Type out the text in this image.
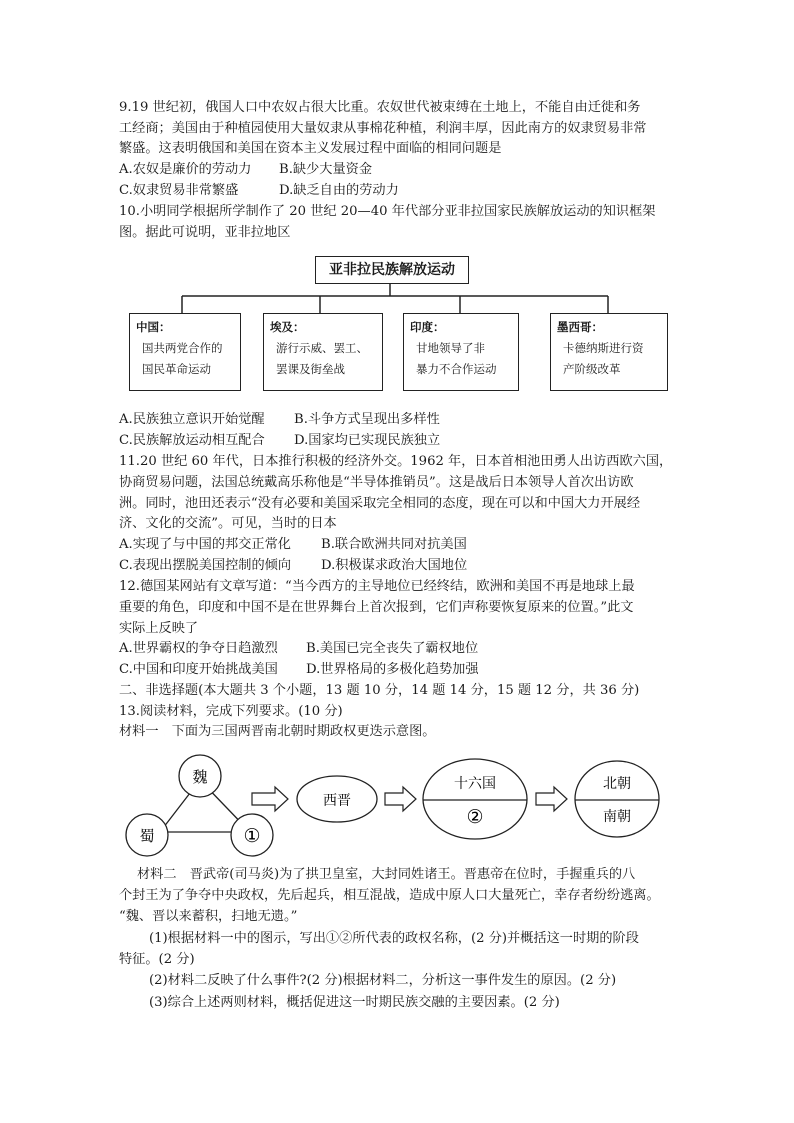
9.19 世纪初，俄国人口中农奴占很大比重。农奴世代被束缚在土地上，不能自由迁徙和务
工经商；美国由于种植园使用大量奴隶从事棉花种植，利润丰厚，因此南方的奴隶贸易非常
繁盛。这表明俄国和美国在资本主义发展过程中面临的相同问题是
A.农奴是廉价的劳动力 B.缺少大量资金
C.奴隶贸易非常繁盛	D.缺乏自由的劳动力
10.小明同学根据所学制作了 20 世纪 20—40 年代部分亚非拉国家民族解放运动的知识框架
图。据此可说明，亚非拉地区
亚非拉民族解放运动
中国：
国共两党合作的
国民革命运动
埃及：
游行示威、罢工、
罢课及街垒战
印度：
甘地领导了非
暴力不合作运动
墨西哥：
卡德纳斯进行资
产阶级改革
A.民族独立意识开始觉醒 B.斗争方式呈现出多样性
C.民族解放运动相互配合 D.国家均已实现民族独立
11.20 世纪 60 年代，日本推行积极的经济外交。1962 年，日本首相池田勇人出访西欧六国，
协商贸易问题，法国总统戴高乐称他是“半导体推销员”。这是战后日本领导人首次出访欧
洲。同时，池田还表示“没有必要和美国采取完全相同的态度，现在可以和中国大力开展经
济、文化的交流”。可见，当时的日本
A.实现了与中国的邦交正常化 B.联合欧洲共同对抗美国
C.表现出摆脱美国控制的倾向 D.积极谋求政治大国地位
12.德国某网站有文章写道：“当今西方的主导地位已经终结，欧洲和美国不再是地球上最
重要的角色，印度和中国不是在世界舞台上首次报到，它们声称要恢复原来的位置。”此文
实际上反映了
A.世界霸权的争夺日趋激烈 B.美国已完全丧失了霸权地位
C.中国和印度开始挑战美国 D.世界格局的多极化趋势加强
二、非选择题(本大题共 3 个小题，13 题 10 分，14 题 14 分，15 题 12 分，共 36 分)
13.阅读材料，完成下列要求。(10 分)
材料一　下面为三国两晋南北朝时期政权更迭示意图。
魏
蜀	①
西晋
十六国
②
北朝
南朝
材料二　晋武帝(司马炎)为了拱卫皇室，大封同姓诸王。晋惠帝在位时，手握重兵的八
个封王为了争夺中央政权，先后起兵，相互混战，造成中原人口大量死亡，幸存者纷纷逃离。
“魏、晋以来蓄积，扫地无遗。”
(1)根据材料一中的图示，写出①②所代表的政权名称，(2 分)并概括这一时期的阶段
特征。(2 分)
(2)材料二反映了什么事件?(2 分)根据材料二，分析这一事件发生的原因。(2 分)
(3)综合上述两则材料，概括促进这一时期民族交融的主要因素。(2 分)
